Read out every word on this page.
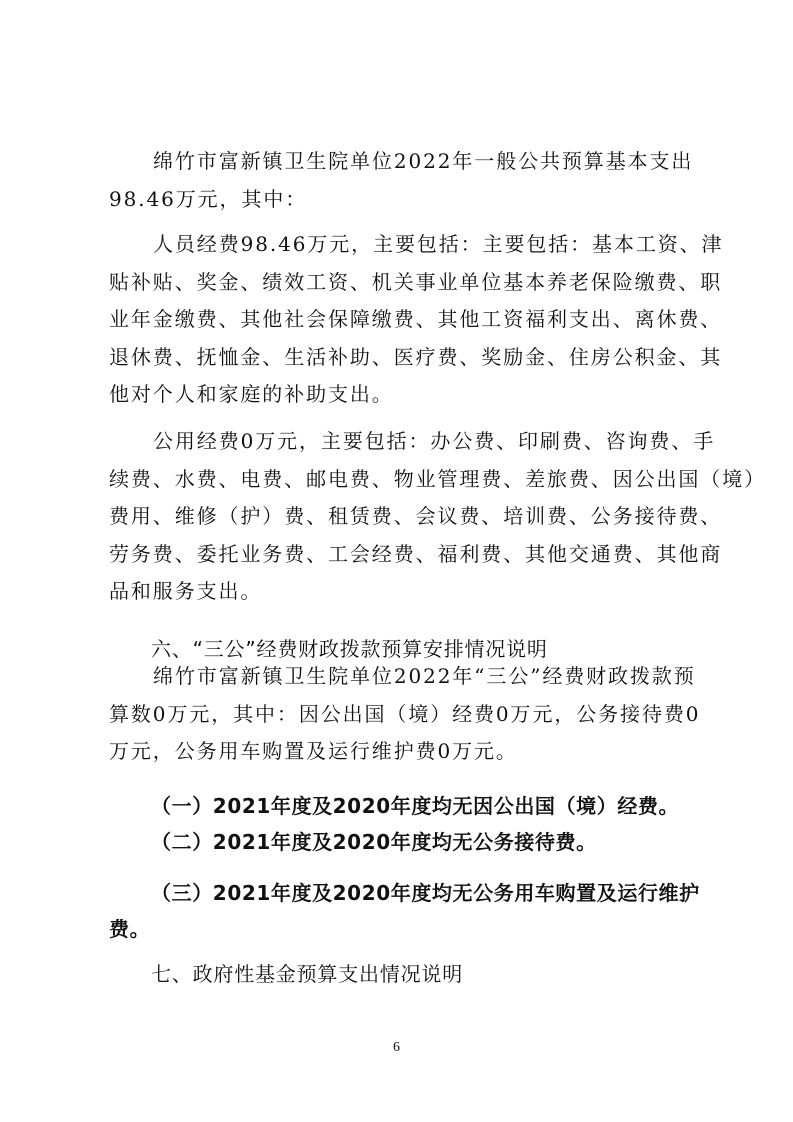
绵竹市富新镇卫生院单位2022年一般公共预算基本支出
98.46万元，其中：

人员经费98.46万元，主要包括：主要包括：基本工资、津
贴补贴、奖金、绩效工资、机关事业单位基本养老保险缴费、职
业年金缴费、其他社会保障缴费、其他工资福利支出、离休费、
退休费、抚恤金、生活补助、医疗费、奖励金、住房公积金、其
他对个人和家庭的补助支出。

公用经费0万元，主要包括：办公费、印刷费、咨询费、手
续费、水费、电费、邮电费、物业管理费、差旅费、因公出国（境）
费用、维修（护）费、租赁费、会议费、培训费、公务接待费、
劳务费、委托业务费、工会经费、福利费、其他交通费、其他商
品和服务支出。

六、“三公”经费财政拨款预算安排情况说明

绵竹市富新镇卫生院单位2022年“三公”经费财政拨款预
算数0万元，其中：因公出国（境）经费0万元，公务接待费0
万元，公务用车购置及运行维护费0万元。

（一）2021年度及2020年度均无因公出国（境）经费。

（二）2021年度及2020年度均无公务接待费。

（三）2021年度及2020年度均无公务用车购置及运行维护

费。

七、政府性基金预算支出情况说明

6
